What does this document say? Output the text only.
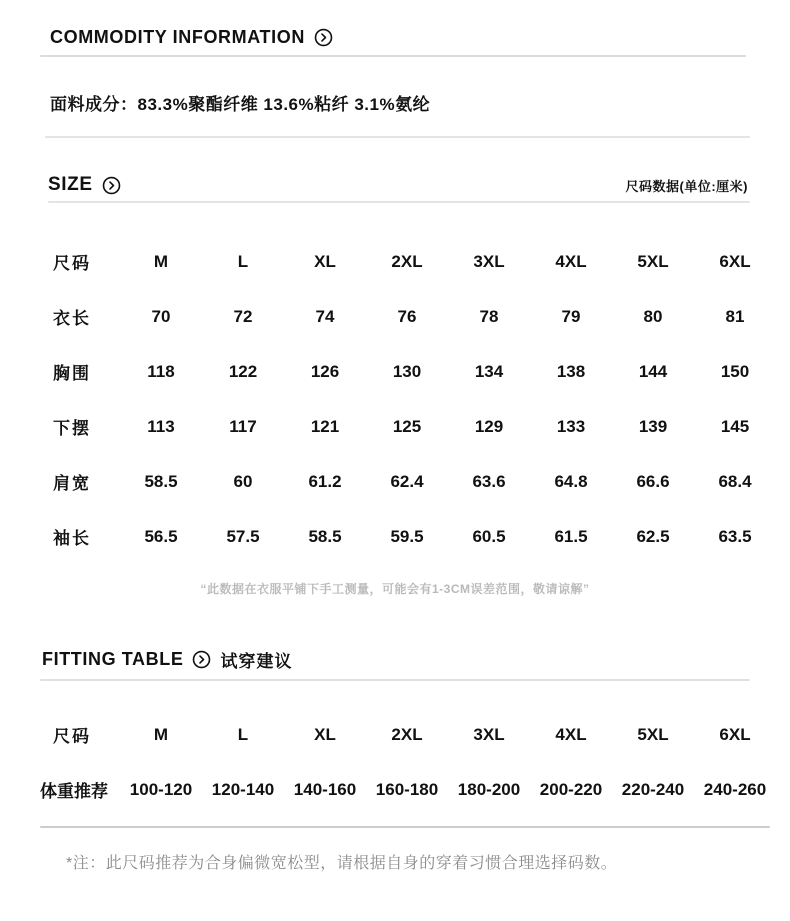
COMMODITY INFORMATION
面料成分：83.3%聚酯纤维 13.6%粘纤 3.1%氨纶
SIZE	尺码数据(单位:厘米)
尺码	M	L	XL	2XL	3XL	4XL	5XL	6XL
衣长	70	72	74	76	78	79	80	81
胸围	118	122	126	130	134	138	144	150
下摆	113	117	121	125	129	133	139	145
肩宽	58.5	60	61.2	62.4	63.6	64.8	66.6	68.4
袖长	56.5	57.5	58.5	59.5	60.5	61.5	62.5	63.5
“此数据在衣服平铺下手工测量，可能会有1-3CM误差范围，敬请谅解”
FITTING TABLE 试穿建议
尺码	M	L	XL	2XL	3XL	4XL	5XL	6XL
体重推荐	100-120	120-140	140-160	160-180	180-200	200-220	220-240	240-260
*注：此尺码推荐为合身偏微宽松型，请根据自身的穿着习惯合理选择码数。
